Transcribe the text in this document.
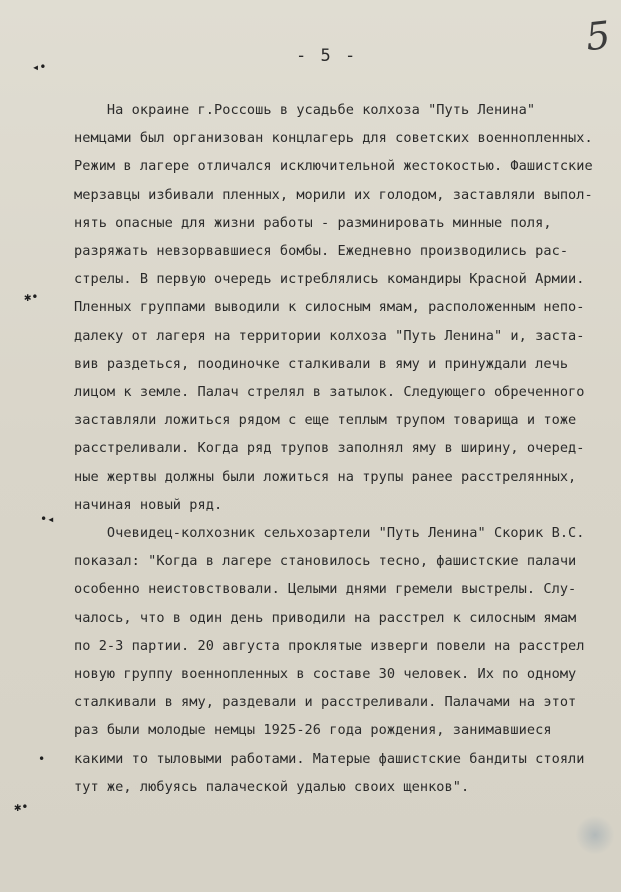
5
- 5 -
На окраине г.Россошь в усадьбе колхоза "Путь Ленина"
немцами был организован концлагерь для советских военнопленных.
Режим в лагере отличался исключительной жестокостью. Фашистские
мерзавцы избивали пленных, морили их голодом, заставляли выпол-
нять опасные для жизни работы - разминировать минные поля,
разряжать невзорвавшиеся бомбы. Ежедневно производились рас-
стрелы. В первую очередь истреблялись командиры Красной Армии.
Пленных группами выводили к силосным ямам, расположенным непо-
далеку от лагеря на территории колхоза "Путь Ленина" и, заста-
вив раздеться, поодиночке сталкивали в яму и принуждали лечь
лицом к земле. Палач стрелял в затылок. Следующего обреченного
заставляли ложиться рядом с еще теплым трупом товарища и тоже
расстреливали. Когда ряд трупов заполнял яму в ширину, очеред-
ные жертвы должны были ложиться на трупы ранее расстрелянных,
начиная новый ряд.
Очевидец-колхозник сельхозартели "Путь Ленина" Скорик В.С.
показал: "Когда в лагере становилось тесно, фашистские палачи
особенно неистовствовали. Целыми днями гремели выстрелы. Слу-
чалось, что в один день приводили на расстрел к силосным ямам
по 2-3 партии. 20 августа проклятые изверги повели на расстрел
новую группу военнопленных в составе 30 человек. Их по одному
сталкивали в яму, раздевали и расстреливали. Палачами на этот
раз были молодые немцы 1925-26 года рождения, занимавшиеся
какими то тыловыми работами. Матерые фашистские бандиты стояли
тут же, любуясь палаческой удалью своих щенков".
◂•
✱•
•◂
•
✱•
